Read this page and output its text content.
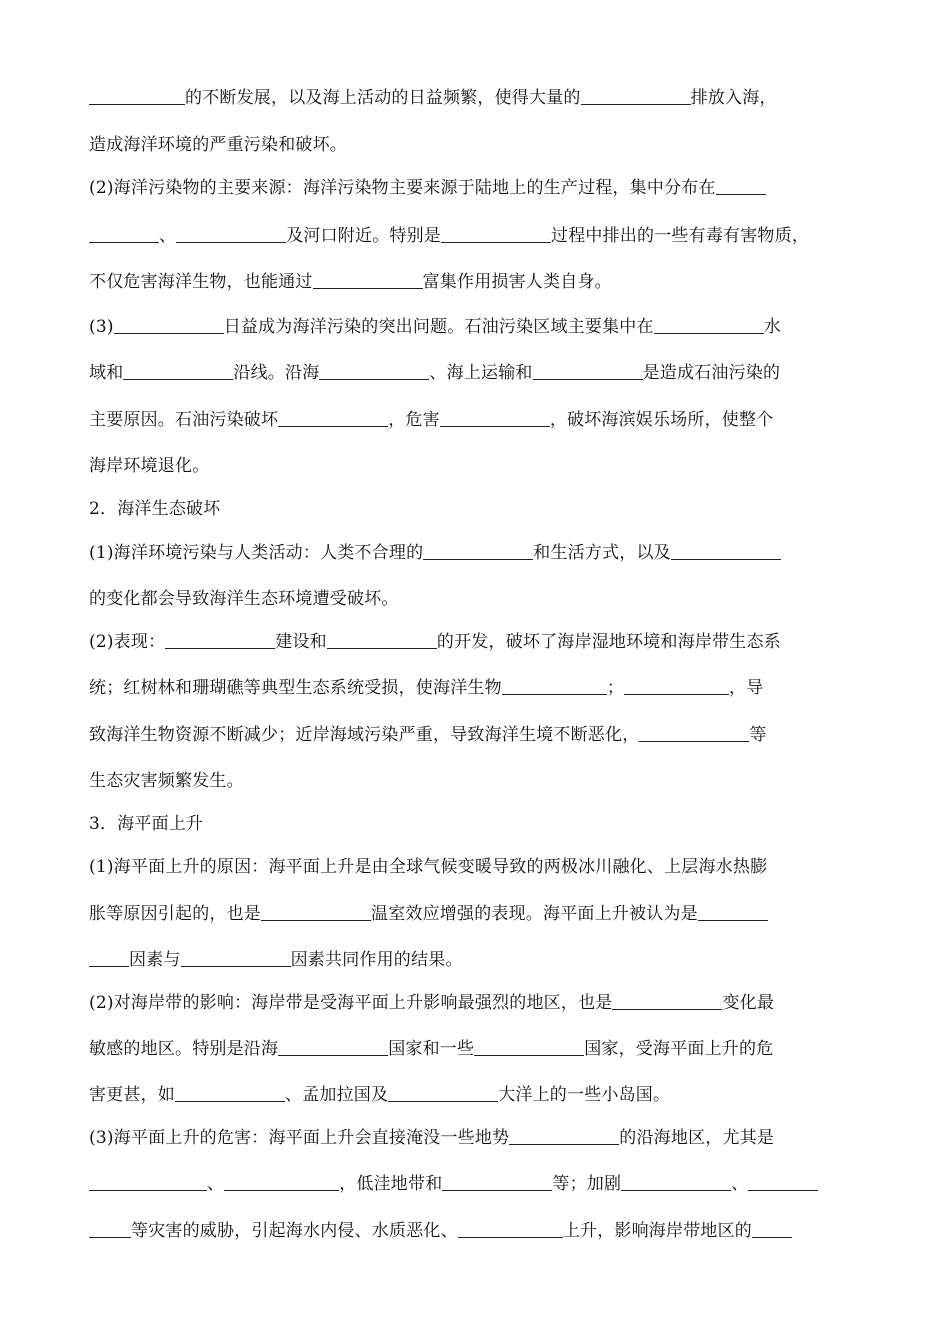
的不断发展，以及海上活动的日益频繁，使得大量的	排放入海，
造成海洋环境的严重污染和破坏。
(2)海洋污染物的主要来源：海洋污染物主要来源于陆地上的生产过程，集中分布在
、	及河口附近。特别是	过程中排出的一些有毒有害物质，
不仅危害海洋生物，也能通过	富集作用损害人类自身。
(3)	日益成为海洋污染的突出问题。石油污染区域主要集中在	水
域和	沿线。沿海	、海上运输和	是造成石油污染的
主要原因。石油污染破坏	，危害	，破坏海滨娱乐场所，使整个
海岸环境退化。
2．海洋生态破坏
(1)海洋环境污染与人类活动：人类不合理的	和生活方式，以及
的变化都会导致海洋生态环境遭受破坏。
(2)表现：	建设和	的开发，破坏了海岸湿地环境和海岸带生态系
统；红树林和珊瑚礁等典型生态系统受损，使海洋生物	；	，导
致海洋生物资源不断减少；近岸海域污染严重，导致海洋生境不断恶化，	等
生态灾害频繁发生。
3．海平面上升
(1)海平面上升的原因：海平面上升是由全球气候变暖导致的两极冰川融化、上层海水热膨
胀等原因引起的，也是	温室效应增强的表现。海平面上升被认为是
因素与	因素共同作用的结果。
(2)对海岸带的影响：海岸带是受海平面上升影响最强烈的地区，也是	变化最
敏感的地区。特别是沿海	国家和一些	国家，受海平面上升的危
害更甚，如	、孟加拉国及	大洋上的一些小岛国。
(3)海平面上升的危害：海平面上升会直接淹没一些地势	的沿海地区，尤其是
、	，低洼地带和	等；加剧	、
等灾害的威胁，引起海水内侵、水质恶化、	上升，影响海岸带地区的
